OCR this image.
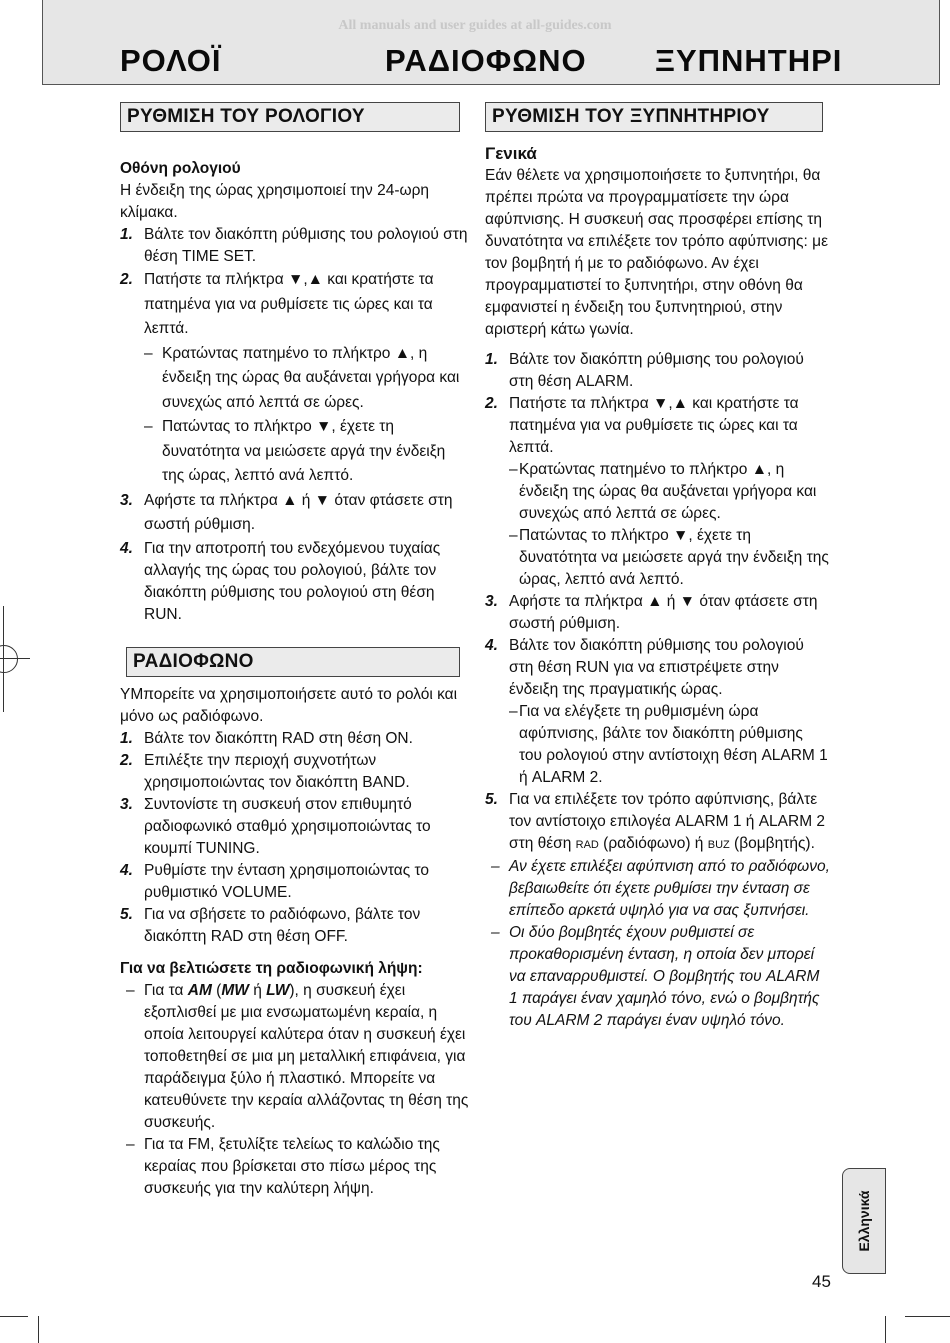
All manuals and user guides at all-guides.com
ΡΟΛΟΪ	ΡΑΔΙΟΦΩΝΟ ΞΥΠΝΗΤΗΡΙ
ΡΥΘΜΙΣΗ ΤΟΥ ΡΟΛΟΓΙΟΥ

Οθόνη ρολογιού

Η ένδειξη της ώρας χρησιμοποιεί την 24-ωρη κλίμακα.

1. Βάλτε τον διακόπτη ρύθμισης του ρολογιού στη θέση TIME SET.
2. Πατήστε τα πλήκτρα ▼,▲ και κρατήστε τα πατημένα για να ρυθμίσετε τις ώρες και τα λεπτά.
– Κρατώντας πατημένο το πλήκτρο ▲, η ένδειξη της ώρας θα αυξάνεται γρήγορα και συνεχώς από λεπτά σε ώρες.
– Πατώντας το πλήκτρο ▼, έχετε τη δυνατότητα να μειώσετε αργά την ένδειξη της ώρας, λεπτό ανά λεπτό.
3. Αφήστε τα πλήκτρα ▲ ή ▼ όταν φτάσετε στη σωστή ρύθμιση.
4. Για την αποτροπή του ενδεχόμενου τυχαίας αλλαγής της ώρας του ρολογιού, βάλτε τον διακόπτη ρύθμισης του ρολογιού στη θέση RUN.
ΡΑΔΙΟΦΩΝΟ

YΜπορείτε να χρησιμοποιήσετε αυτό το ρολόι και μόνο ως ραδιόφωνο.

1. Βάλτε τον διακόπτη RAD στη θέση ON.
2. Επιλέξτε την περιοχή συχνοτήτων χρησιμοποιώντας τον διακόπτη BAND.
3. Συντονίστε τη συσκευή στον επιθυμητό ραδιοφωνικό σταθμό χρησιμοποιώντας το κουμπί TUNING.
4. Ρυθμίστε την ένταση χρησιμοποιώντας το ρυθμιστικό VOLUME.
5. Για να σβήσετε το ραδιόφωνο, βάλτε τον διακόπτη RAD στη θέση OFF.

Για να βελτιώσετε τη ραδιοφωνική λήψη:

– Για τα AM (MW ή LW), η συσκευή έχει εξοπλισθεί με μια ενσωματωμένη κεραία, η οποία λειτουργεί καλύτερα όταν η συσκευή έχει τοποθετηθεί σε μια μη μεταλλική επιφάνεια, για παράδειγμα ξύλο ή πλαστικό. Μπορείτε να κατευθύνετε την κεραία αλλάζοντας τη θέση της συσκευής.
– Για τα FM, ξετυλίξτε τελείως το καλώδιο της κεραίας που βρίσκεται στο πίσω μέρος της συσκευής για την καλύτερη λήψη.
ΡΥΘΜΙΣΗ ΤΟΥ ΞΥΠΝΗΤΗΡΙΟΥ

Γενικά

Εάν θέλετε να χρησιμοποιήσετε το ξυπνητήρι, θα πρέπει πρώτα να προγραμματίσετε την ώρα αφύπνισης. Η συσκευή σας προσφέρει επίσης τη δυνατότητα να επιλέξετε τον τρόπο αφύπνισης: με τον βομβητή ή με το ραδιόφωνο. Αν έχει προγραμματιστεί το ξυπνητήρι, στην οθόνη θα εμφανιστεί η ένδειξη του ξυπνητηριού, στην αριστερή κάτω γωνία.

1. Βάλτε τον διακόπτη ρύθμισης του ρολογιού στη θέση ALARM.
2. Πατήστε τα πλήκτρα ▼,▲ και κρατήστε τα πατημένα για να ρυθμίσετε τις ώρες και τα λεπτά.
– Κρατώντας πατημένο το πλήκτρο ▲, η ένδειξη της ώρας θα αυξάνεται γρήγορα και συνεχώς από λεπτά σε ώρες.
– Πατώντας το πλήκτρο ▼, έχετε τη δυνατότητα να μειώσετε αργά την ένδειξη της ώρας, λεπτό ανά λεπτό.
3. Αφήστε τα πλήκτρα ▲ ή ▼ όταν φτάσετε στη σωστή ρύθμιση.
4. Βάλτε τον διακόπτη ρύθμισης του ρολογιού στη θέση RUN για να επιστρέψετε στην ένδειξη της πραγματικής ώρας.
– Για να ελέγξετε τη ρυθμισμένη ώρα αφύπνισης, βάλτε τον διακόπτη ρύθμισης του ρολογιού στην αντίστοιχη θέση ALARM 1 ή ALARM 2.
5. Για να επιλέξετε τον τρόπο αφύπνισης, βάλτε τον αντίστοιχο επιλογέα ALARM 1 ή ALARM 2 στη θέση RAD (ραδιόφωνο) ή BUZ (βομβητής).
– Αν έχετε επιλέξει αφύπνιση από το ραδιόφωνο, βεβαιωθείτε ότι έχετε ρυθμίσει την ένταση σε επίπεδο αρκετά υψηλό για να σας ξυπνήσει.
– Οι δύο βομβητές έχουν ρυθμιστεί σε προκαθορισμένη ένταση, η οποία δεν μπορεί να επαναρρυθμιστεί. Ο βομβητής του ALARM 1 παράγει έναν χαμηλό τόνο, ενώ ο βομβητής του ALARM 2 παράγει έναν υψηλό τόνο.
Ελληνικά
45
